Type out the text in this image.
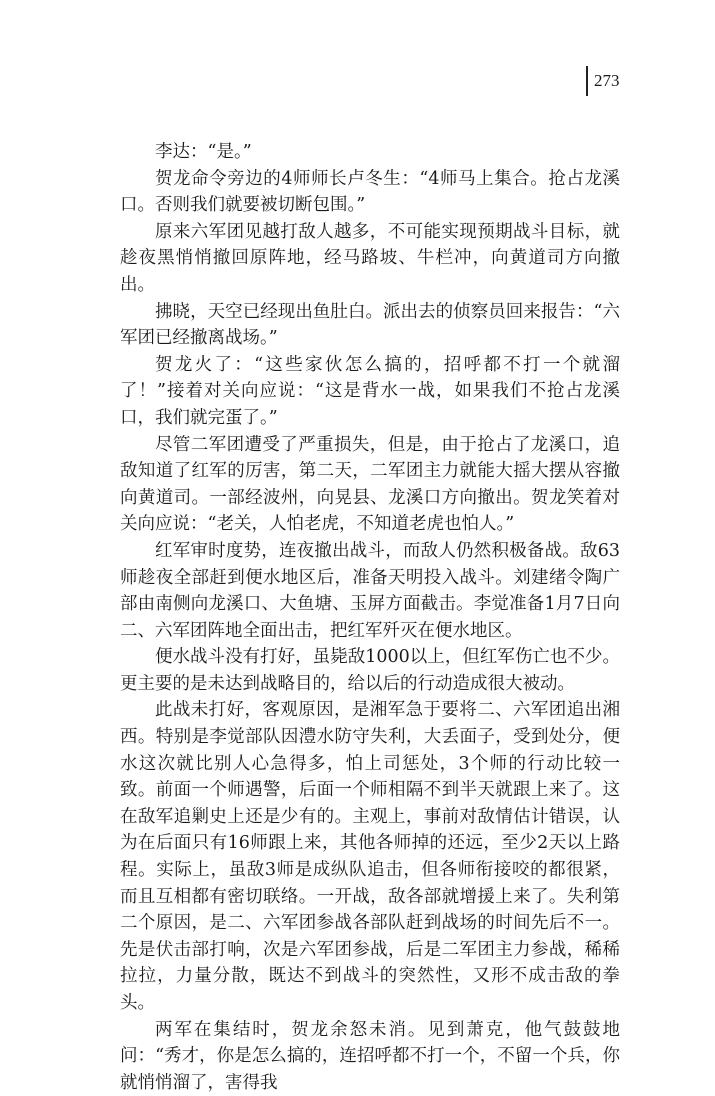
273

李达：“是。”

贺龙命令旁边的4师师长卢冬生：“4师马上集合。抢占龙溪口。否则我们就要被切断包围。”

原来六军团见越打敌人越多，不可能实现预期战斗目标，就趁夜黑悄悄撤回原阵地，经马路坡、牛栏冲，向黄道司方向撤出。

拂晓，天空已经现出鱼肚白。派出去的侦察员回来报告：“六军团已经撤离战场。”

贺龙火了：“这些家伙怎么搞的，招呼都不打一个就溜了！”接着对关向应说：“这是背水一战，如果我们不抢占龙溪口，我们就完蛋了。”

尽管二军团遭受了严重损失，但是，由于抢占了龙溪口，追敌知道了红军的厉害，第二天，二军团主力就能大摇大摆从容撤向黄道司。一部经波州，向晃县、龙溪口方向撤出。贺龙笑着对关向应说：“老关，人怕老虎，不知道老虎也怕人。”

红军审时度势，连夜撤出战斗，而敌人仍然积极备战。敌63师趁夜全部赶到便水地区后，准备天明投入战斗。刘建绪令陶广部由南侧向龙溪口、大鱼塘、玉屏方面截击。李觉准备1月7日向二、六军团阵地全面出击，把红军歼灭在便水地区。

便水战斗没有打好，虽毙敌1000以上，但红军伤亡也不少。更主要的是未达到战略目的，给以后的行动造成很大被动。

此战未打好，客观原因，是湘军急于要将二、六军团追出湘西。特别是李觉部队因澧水防守失利，大丢面子，受到处分，便水这次就比别人心急得多，怕上司惩处，3个师的行动比较一致。前面一个师遇警，后面一个师相隔不到半天就跟上来了。这在敌军追剿史上还是少有的。主观上，事前对敌情估计错误，认为在后面只有16师跟上来，其他各师掉的还远，至少2天以上路程。实际上，虽敌3师是成纵队追击，但各师衔接咬的都很紧，而且互相都有密切联络。一开战，敌各部就增援上来了。失利第二个原因，是二、六军团参战各部队赶到战场的时间先后不一。先是伏击部打响，次是六军团参战，后是二军团主力参战，稀稀拉拉，力量分散，既达不到战斗的突然性，又形不成击敌的拳头。

两军在集结时，贺龙余怒未消。见到萧克，他气鼓鼓地问：“秀才，你是怎么搞的，连招呼都不打一个，不留一个兵，你就悄悄溜了，害得我
